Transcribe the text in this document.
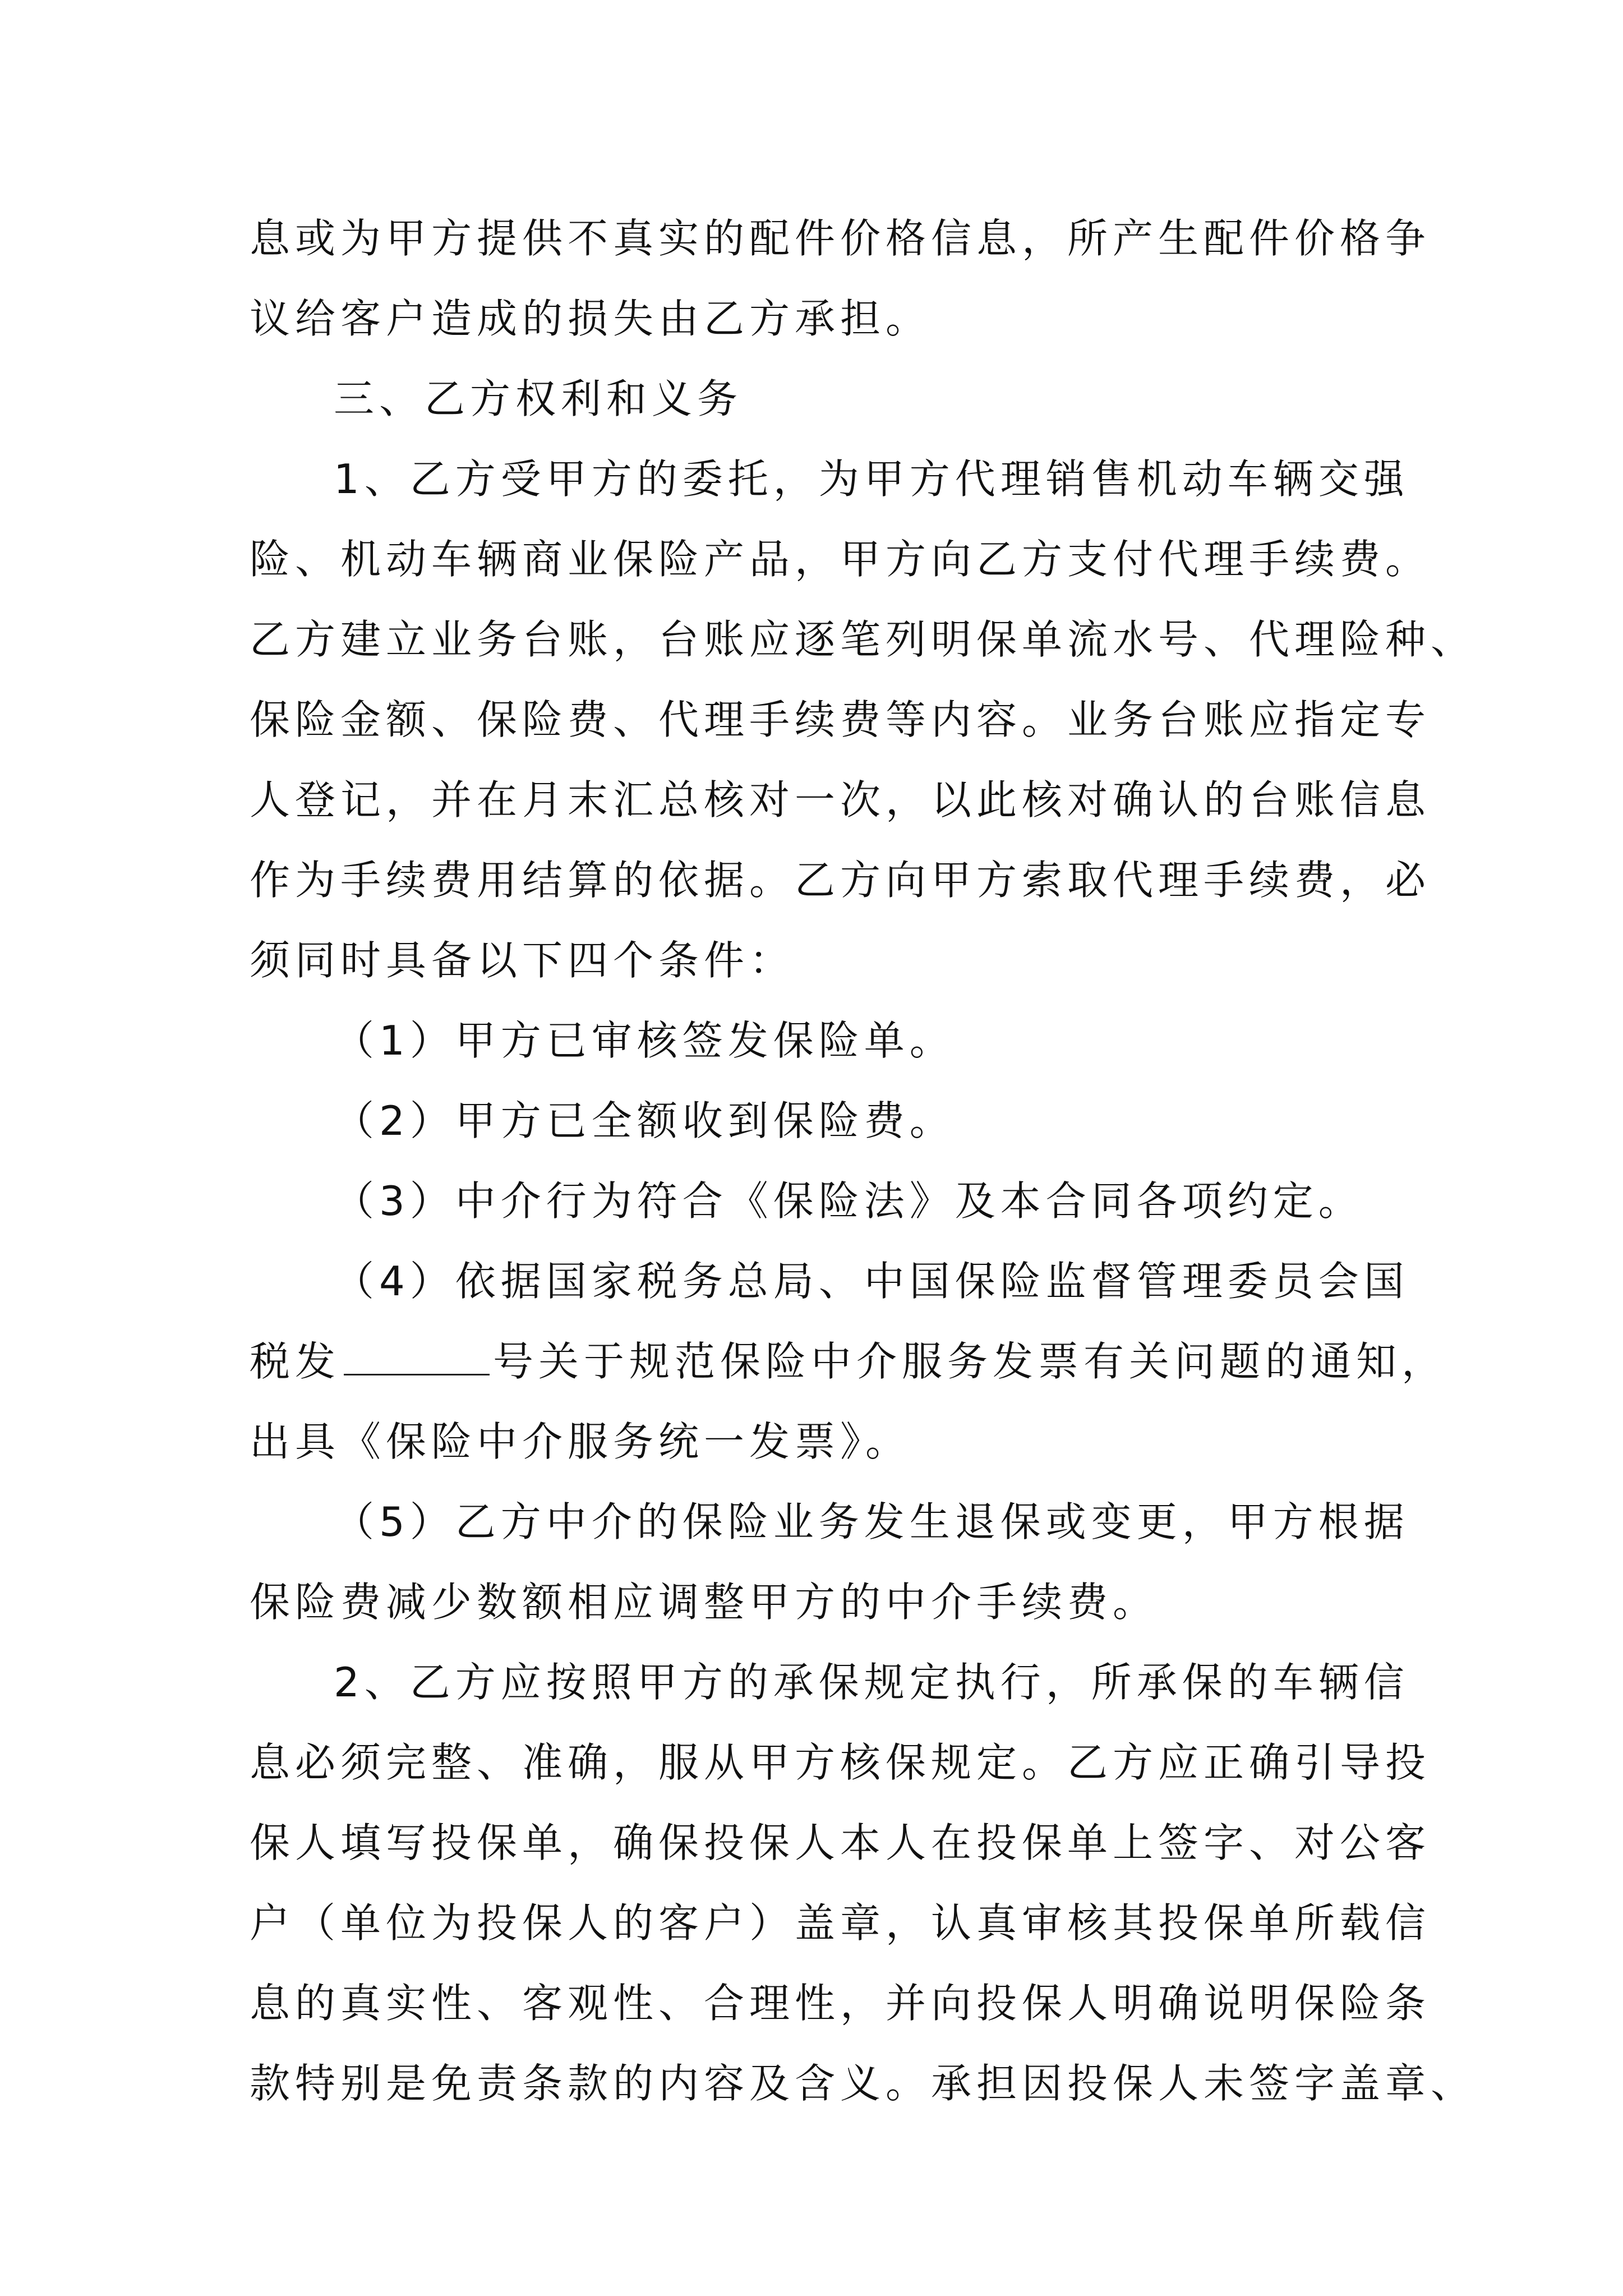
息或为甲方提供不真实的配件价格信息，所产生配件价格争
议给客户造成的损失由乙方承担。
三、乙方权利和义务
1、乙方受甲方的委托，为甲方代理销售机动车辆交强
险、机动车辆商业保险产品，甲方向乙方支付代理手续费。
乙方建立业务台账，台账应逐笔列明保单流水号、代理险种、
保险金额、保险费、代理手续费等内容。业务台账应指定专
人登记，并在月末汇总核对一次，以此核对确认的台账信息
作为手续费用结算的依据。乙方向甲方索取代理手续费，必
须同时具备以下四个条件：
（1）甲方已审核签发保险单。
（2）甲方已全额收到保险费。
（3）中介行为符合《保险法》及本合同各项约定。
（4）依据国家税务总局、中国保险监督管理委员会国
税发	号关于规范保险中介服务发票有关问题的通知，
出具《保险中介服务统一发票》。
（5）乙方中介的保险业务发生退保或变更，甲方根据
保险费减少数额相应调整甲方的中介手续费。
2、乙方应按照甲方的承保规定执行，所承保的车辆信
息必须完整、准确，服从甲方核保规定。乙方应正确引导投
保人填写投保单，确保投保人本人在投保单上签字、对公客
户（单位为投保人的客户）盖章，认真审核其投保单所载信
息的真实性、客观性、合理性，并向投保人明确说明保险条
款特别是免责条款的内容及含义。承担因投保人未签字盖章、
